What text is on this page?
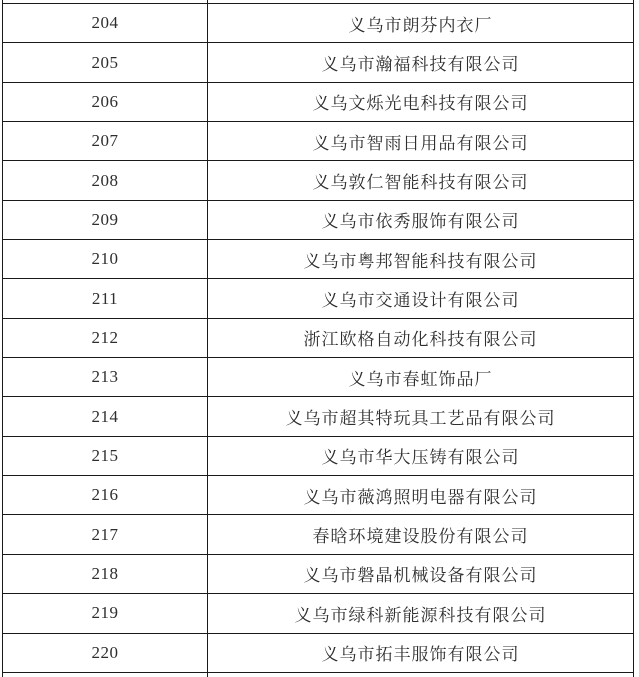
204	义乌市朗芬内衣厂
205	义乌市瀚福科技有限公司
206	义乌文烁光电科技有限公司
207	义乌市智雨日用品有限公司
208	义乌敦仁智能科技有限公司
209	义乌市依秀服饰有限公司
210	义乌市粤邦智能科技有限公司
211	义乌市交通设计有限公司
212	浙江欧格自动化科技有限公司
213	义乌市春虹饰品厂
214	义乌市超其特玩具工艺品有限公司
215	义乌市华大压铸有限公司
216	义乌市薇鸿照明电器有限公司
217	春晗环境建设股份有限公司
218	义乌市磐晶机械设备有限公司
219	义乌市绿科新能源科技有限公司
220	义乌市拓丰服饰有限公司
